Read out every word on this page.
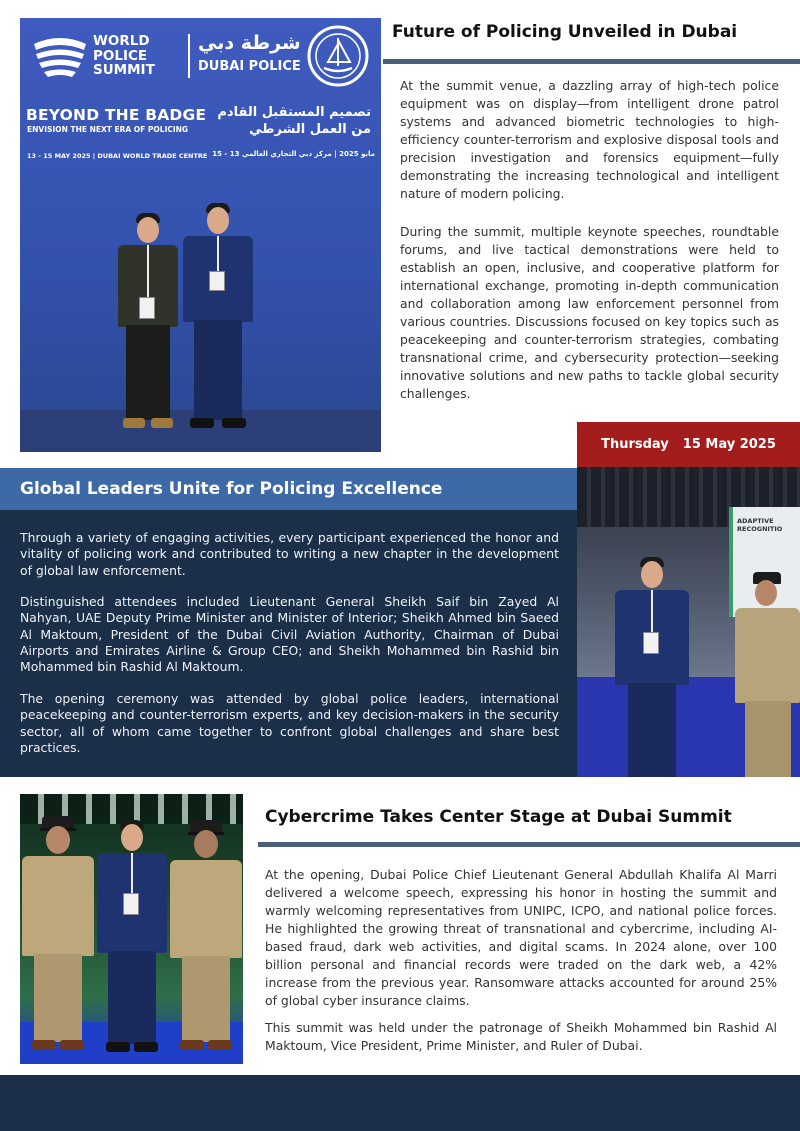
WORLD
POLICE
SUMMIT
شرطة دبي
DUBAI POLICE
BEYOND THE BADGE
ENVISION THE NEXT ERA OF POLICING
تصميم المستقبل القادم
من العمل الشرطي
13 - 15 MAY 2025 | DUBAI WORLD TRADE CENTRE 15 - 13 مايو 2025 | مركز دبي التجاري العالمي
Future of Policing Unveiled in Dubai

At the summit venue, a dazzling array of high-tech police equipment was on display—from intelligent drone patrol systems and advanced biometric technologies to high-efficiency counter-terrorism and explosive disposal tools and precision investigation and forensics equipment—fully demonstrating the increasing technological and intelligent nature of modern policing.

During the summit, multiple keynote speeches, roundtable forums, and live tactical demonstrations were held to establish an open, inclusive, and cooperative platform for international exchange, promoting in-depth communication and collaboration among law enforcement personnel from various countries. Discussions focused on key topics such as peacekeeping and counter-terrorism strategies, combating transnational crime, and cybersecurity protection—seeking innovative solutions and new paths to tackle global security challenges.

Thursday 15 May 2025
Global Leaders Unite for Policing Excellence

Through a variety of engaging activities, every participant experienced the honor and vitality of policing work and contributed to writing a new chapter in the development of global law enforcement.

Distinguished attendees included Lieutenant General Sheikh Saif bin Zayed Al Nahyan, UAE Deputy Prime Minister and Minister of Interior; Sheikh Ahmed bin Saeed Al Maktoum, President of the Dubai Civil Aviation Authority, Chairman of Dubai Airports and Emirates Airline & Group CEO; and Sheikh Mohammed bin Rashid bin Mohammed bin Rashid Al Maktoum.

The opening ceremony was attended by global police leaders, international peacekeeping and counter-terrorism experts, and key decision-makers in the security sector, all of whom came together to confront global challenges and share best practices.

ADAPTIVE RECOGNITIO
Cybercrime Takes Center Stage at Dubai Summit

At the opening, Dubai Police Chief Lieutenant General Abdullah Khalifa Al Marri delivered a welcome speech, expressing his honor in hosting the summit and warmly welcoming representatives from UNIPC, ICPO, and national police forces. He highlighted the growing threat of transnational and cybercrime, including AI-based fraud, dark web activities, and digital scams. In 2024 alone, over 100 billion personal and financial records were traded on the dark web, a 42% increase from the previous year. Ransomware attacks accounted for around 25% of global cyber insurance claims.

This summit was held under the patronage of Sheikh Mohammed bin Rashid Al Maktoum, Vice President, Prime Minister, and Ruler of Dubai.
